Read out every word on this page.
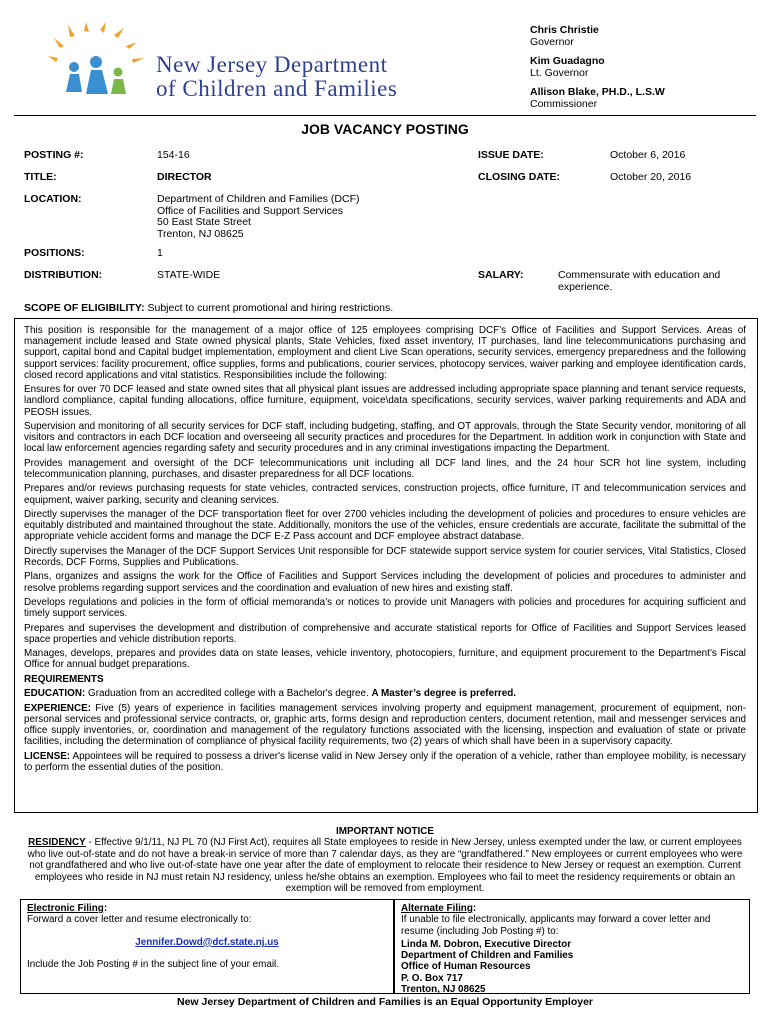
New Jersey Department
of Children and Families
Chris Christie
Governor
Kim Guadagno
Lt. Governor
Allison Blake, PH.D., L.S.W
Commissioner
JOB VACANCY POSTING
POSTING #:	154-16	ISSUE DATE:	October 6, 2016
TITLE:	DIRECTOR	CLOSING DATE:	October 20, 2016
LOCATION:	Department of Children and Families (DCF)
Office of Facilities and Support Services
50 East State Street
Trenton, NJ 08625
POSITIONS:	1
DISTRIBUTION:	STATE-WIDE	SALARY:	Commensurate with education and experience.
SCOPE OF ELIGIBILITY: Subject to current promotional and hiring restrictions.

This position is responsible for the management of a major office of 125 employees comprising DCF’s Office of Facilities and Support Services. Areas of management include leased and State owned physical plants, State Vehicles, fixed asset inventory, IT purchases, land line telecommunications purchasing and support, capital bond and Capital budget implementation, employment and client Live Scan operations, security services, emergency preparedness and the following support services: facility procurement, office supplies, forms and publications, courier services, photocopy services, waiver parking and employee identification cards, closed record applications and vital statistics. Responsibilities include the following:

Ensures for over 70 DCF leased and state owned sites that all physical plant issues are addressed including appropriate space planning and tenant service requests, landlord compliance, capital funding allocations, office furniture, equipment, voice\data specifications, security services, waiver parking requirements and ADA and PEOSH issues.

Supervision and monitoring of all security services for DCF staff, including budgeting, staffing, and OT approvals, through the State Security vendor, monitoring of all visitors and contractors in each DCF location and overseeing all security practices and procedures for the Department. In addition work in conjunction with State and local law enforcement agencies regarding safety and security procedures and in any criminal investigations impacting the Department.

Provides management and oversight of the DCF telecommunications unit including all DCF land lines, and the 24 hour SCR hot line system, including telecommunication planning, purchases, and disaster preparedness for all DCF locations.

Prepares and/or reviews purchasing requests for state vehicles, contracted services, construction projects, office furniture, IT and telecommunication services and equipment, waiver parking, security and cleaning services.

Directly supervises the manager of the DCF transportation fleet for over 2700 vehicles including the development of policies and procedures to ensure vehicles are equitably distributed and maintained throughout the state. Additionally, monitors the use of the vehicles, ensure credentials are accurate, facilitate the submittal of the appropriate vehicle accident forms and manage the DCF E-Z Pass account and DCF employee abstract database.

Directly supervises the Manager of the DCF Support Services Unit responsible for DCF statewide support service system for courier services, Vital Statistics, Closed Records, DCF Forms, Supplies and Publications.

Plans, organizes and assigns the work for the Office of Facilities and Support Services including the development of policies and procedures to administer and resolve problems regarding support services and the coordination and evaluation of new hires and existing staff.

Develops regulations and policies in the form of official memoranda’s or notices to provide unit Managers with policies and procedures for acquiring sufficient and timely support services.

Prepares and supervises the development and distribution of comprehensive and accurate statistical reports for Office of Facilities and Support Services leased space properties and vehicle distribution reports.

Manages, develops, prepares and provides data on state leases, vehicle inventory, photocopiers, furniture, and equipment procurement to the Department’s Fiscal Office for annual budget preparations.

REQUIREMENTS

EDUCATION: Graduation from an accredited college with a Bachelor's degree. A Master’s degree is preferred.

EXPERIENCE: Five (5) years of experience in facilities management services involving property and equipment management, procurement of equipment, non-personal services and professional service contracts, or, graphic arts, forms design and reproduction centers, document retention, mail and messenger services and office supply inventories, or, coordination and management of the regulatory functions associated with the licensing, inspection and evaluation of state or private facilities, including the determination of compliance of physical facility requirements, two (2) years of which shall have been in a supervisory capacity.

LICENSE: Appointees will be required to possess a driver's license valid in New Jersey only if the operation of a vehicle, rather than employee mobility, is necessary to perform the essential duties of the position.

IMPORTANT NOTICE
RESIDENCY - Effective 9/1/11, NJ PL 70 (NJ First Act), requires all State employees to reside in New Jersey, unless exempted under the law, or current employees who live out-of-state and do not have a break-in service of more than 7 calendar days, as they are “grandfathered.” New employees or current employees who were not grandfathered and who live out-of-state have one year after the date of employment to relocate their residence to New Jersey or request an exemption. Current employees who reside in NJ must retain NJ residency, unless he/she obtains an exemption. Employees who fail to meet the residency requirements or obtain an exemption will be removed from employment.
Electronic Filing:
Forward a cover letter and resume electronically to:
Jennifer.Dowd@dcf.state.nj.us
Include the Job Posting # in the subject line of your email.
Alternate Filing:
If unable to file electronically, applicants may forward a cover letter and resume (including Job Posting #) to:
Linda M. Dobron, Executive Director
Department of Children and Families
Office of Human Resources
P. O. Box 717
Trenton, NJ 08625
New Jersey Department of Children and Families is an Equal Opportunity Employer
